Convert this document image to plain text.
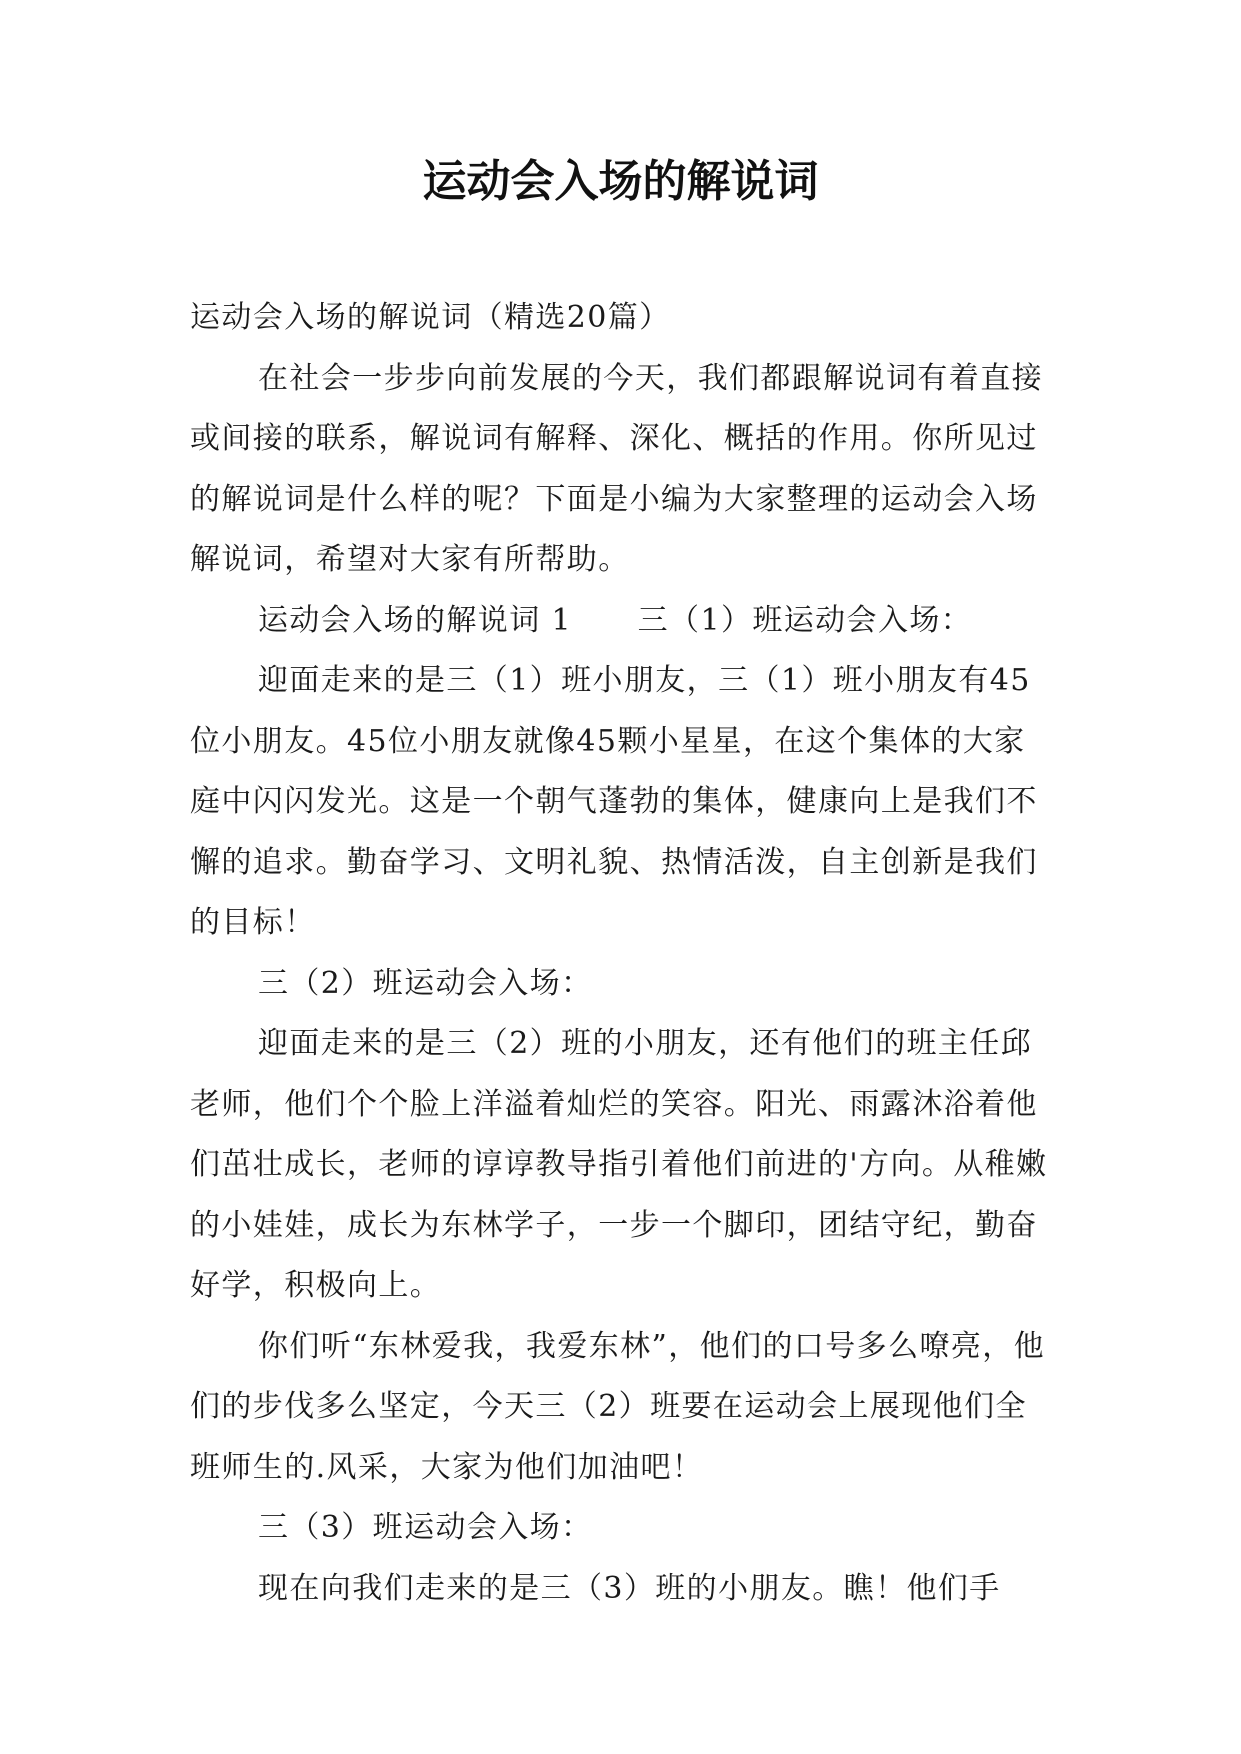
运动会入场的解说词

运动会入场的解说词（精选20篇）

在社会一步步向前发展的今天，我们都跟解说词有着直接或间接的联系，解说词有解释、深化、概括的作用。你所见过的解说词是什么样的呢？下面是小编为大家整理的运动会入场解说词，希望对大家有所帮助。

运动会入场的解说词 1 三（1）班运动会入场：

迎面走来的是三（1）班小朋友，三（1）班小朋友有45位小朋友。45位小朋友就像45颗小星星，在这个集体的大家庭中闪闪发光。这是一个朝气蓬勃的集体，健康向上是我们不懈的追求。勤奋学习、文明礼貌、热情活泼，自主创新是我们的目标！

三（2）班运动会入场：

迎面走来的是三（2）班的小朋友，还有他们的班主任邱老师，他们个个脸上洋溢着灿烂的笑容。阳光、雨露沐浴着他们茁壮成长，老师的谆谆教导指引着他们前进的'方向。从稚嫩的小娃娃，成长为东林学子，一步一个脚印，团结守纪，勤奋好学，积极向上。

你们听“东林爱我，我爱东林”，他们的口号多么嘹亮，他们的步伐多么坚定，今天三（2）班要在运动会上展现他们全班师生的.风采，大家为他们加油吧！

三（3）班运动会入场：

现在向我们走来的是三（3）班的小朋友。瞧！他们手
